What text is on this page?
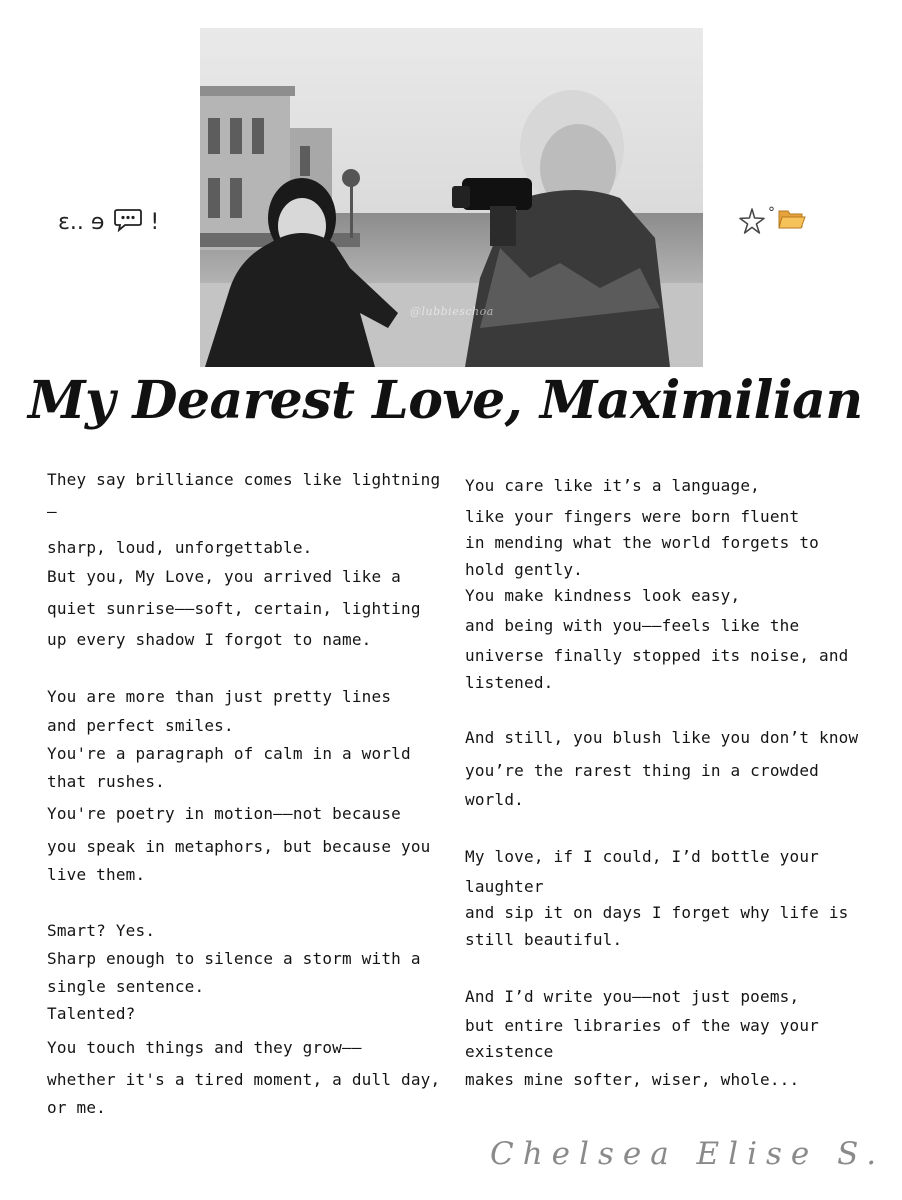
ɛ.. ɘ !	°
@lubbieschoa
My Dearest Love, Maximilian
They say brilliance comes like lightning
—
sharp, loud, unforgettable.
But you, My Love, you arrived like a
quiet sunrise——soft, certain, lighting
up every shadow I forgot to name.
You are more than just pretty lines
and perfect smiles.
You're a paragraph of calm in a world
that rushes.
You're poetry in motion——not because
you speak in metaphors, but because you
live them.
Smart? Yes.
Sharp enough to silence a storm with a
single sentence.
Talented?
You touch things and they grow——
whether it's a tired moment, a dull day,
or me.
You care like it’s a language,
like your fingers were born fluent
in mending what the world forgets to
hold gently.
You make kindness look easy,
and being with you——feels like the
universe finally stopped its noise, and
listened.
And still, you blush like you don’t know
you’re the rarest thing in a crowded
world.
My love, if I could, I’d bottle your
laughter
and sip it on days I forget why life is
still beautiful.
And I’d write you——not just poems,
but entire libraries of the way your
existence
makes mine softer, wiser, whole...
Chelsea Elise S.
